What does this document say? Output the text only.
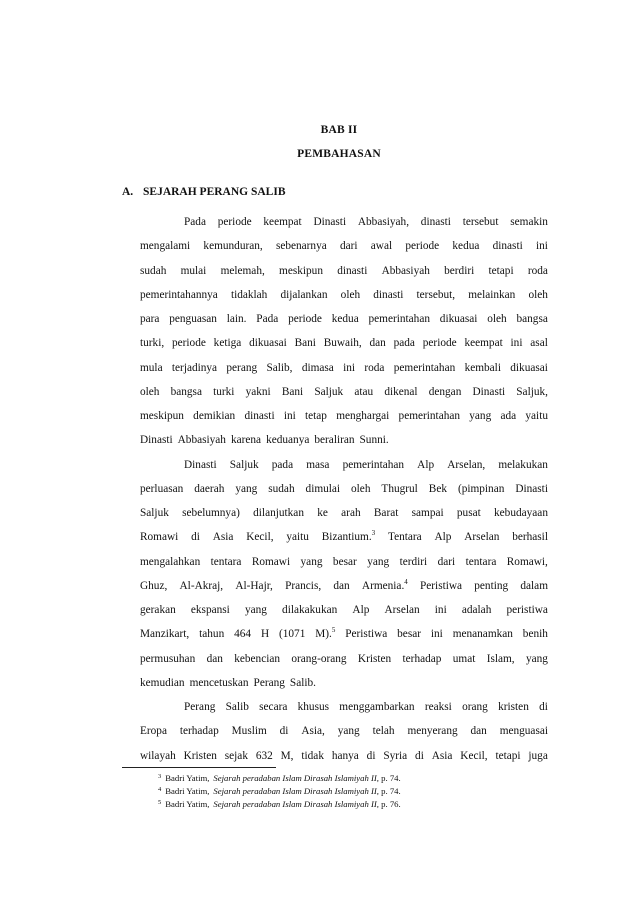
BAB II
PEMBAHASAN
A. SEJARAH PERANG SALIB
Pada periode keempat Dinasti Abbasiyah, dinasti tersebut semakin
mengalami kemunduran, sebenarnya dari awal periode kedua dinasti ini
sudah mulai melemah, meskipun dinasti Abbasiyah berdiri tetapi roda
pemerintahannya tidaklah dijalankan oleh dinasti tersebut, melainkan oleh
para penguasan lain. Pada periode kedua pemerintahan dikuasai oleh bangsa
turki, periode ketiga dikuasai Bani Buwaih, dan pada periode keempat ini asal
mula terjadinya perang Salib, dimasa ini roda pemerintahan kembali dikuasai
oleh bangsa turki yakni Bani Saljuk atau dikenal dengan Dinasti Saljuk,
meskipun demikian dinasti ini tetap menghargai pemerintahan yang ada yaitu
Dinasti Abbasiyah karena keduanya beraliran Sunni.
Dinasti Saljuk pada masa pemerintahan Alp Arselan, melakukan
perluasan daerah yang sudah dimulai oleh Thugrul Bek (pimpinan Dinasti
Saljuk sebelumnya) dilanjutkan ke arah Barat sampai pusat kebudayaan
Romawi di Asia Kecil, yaitu Bizantium.$^3$ Tentara Alp Arselan berhasil
mengalahkan tentara Romawi yang besar yang terdiri dari tentara Romawi,
Ghuz, Al-Akraj, Al-Hajr, Prancis, dan Armenia.$^4$ Peristiwa penting dalam
gerakan ekspansi yang dilakakukan Alp Arselan ini adalah peristiwa
Manzikart, tahun 464 H (1071 M).$^5$ Peristiwa besar ini menanamkan benih
permusuhan dan kebencian orang-orang Kristen terhadap umat Islam, yang
kemudian mencetuskan Perang Salib.
Perang Salib secara khusus menggambarkan reaksi orang kristen di
Eropa terhadap Muslim di Asia, yang telah menyerang dan menguasai
wilayah Kristen sejak 632 M, tidak hanya di Syria di Asia Kecil, tetapi juga
$^3$ Badri Yatim, Sejarah peradaban Islam Dirasah Islamiyah II, p. 74.
$^4$ Badri Yatim, Sejarah peradaban Islam Dirasah Islamiyah II, p. 74.
$^5$ Badri Yatim, Sejarah peradaban Islam Dirasah Islamiyah II, p. 76.
